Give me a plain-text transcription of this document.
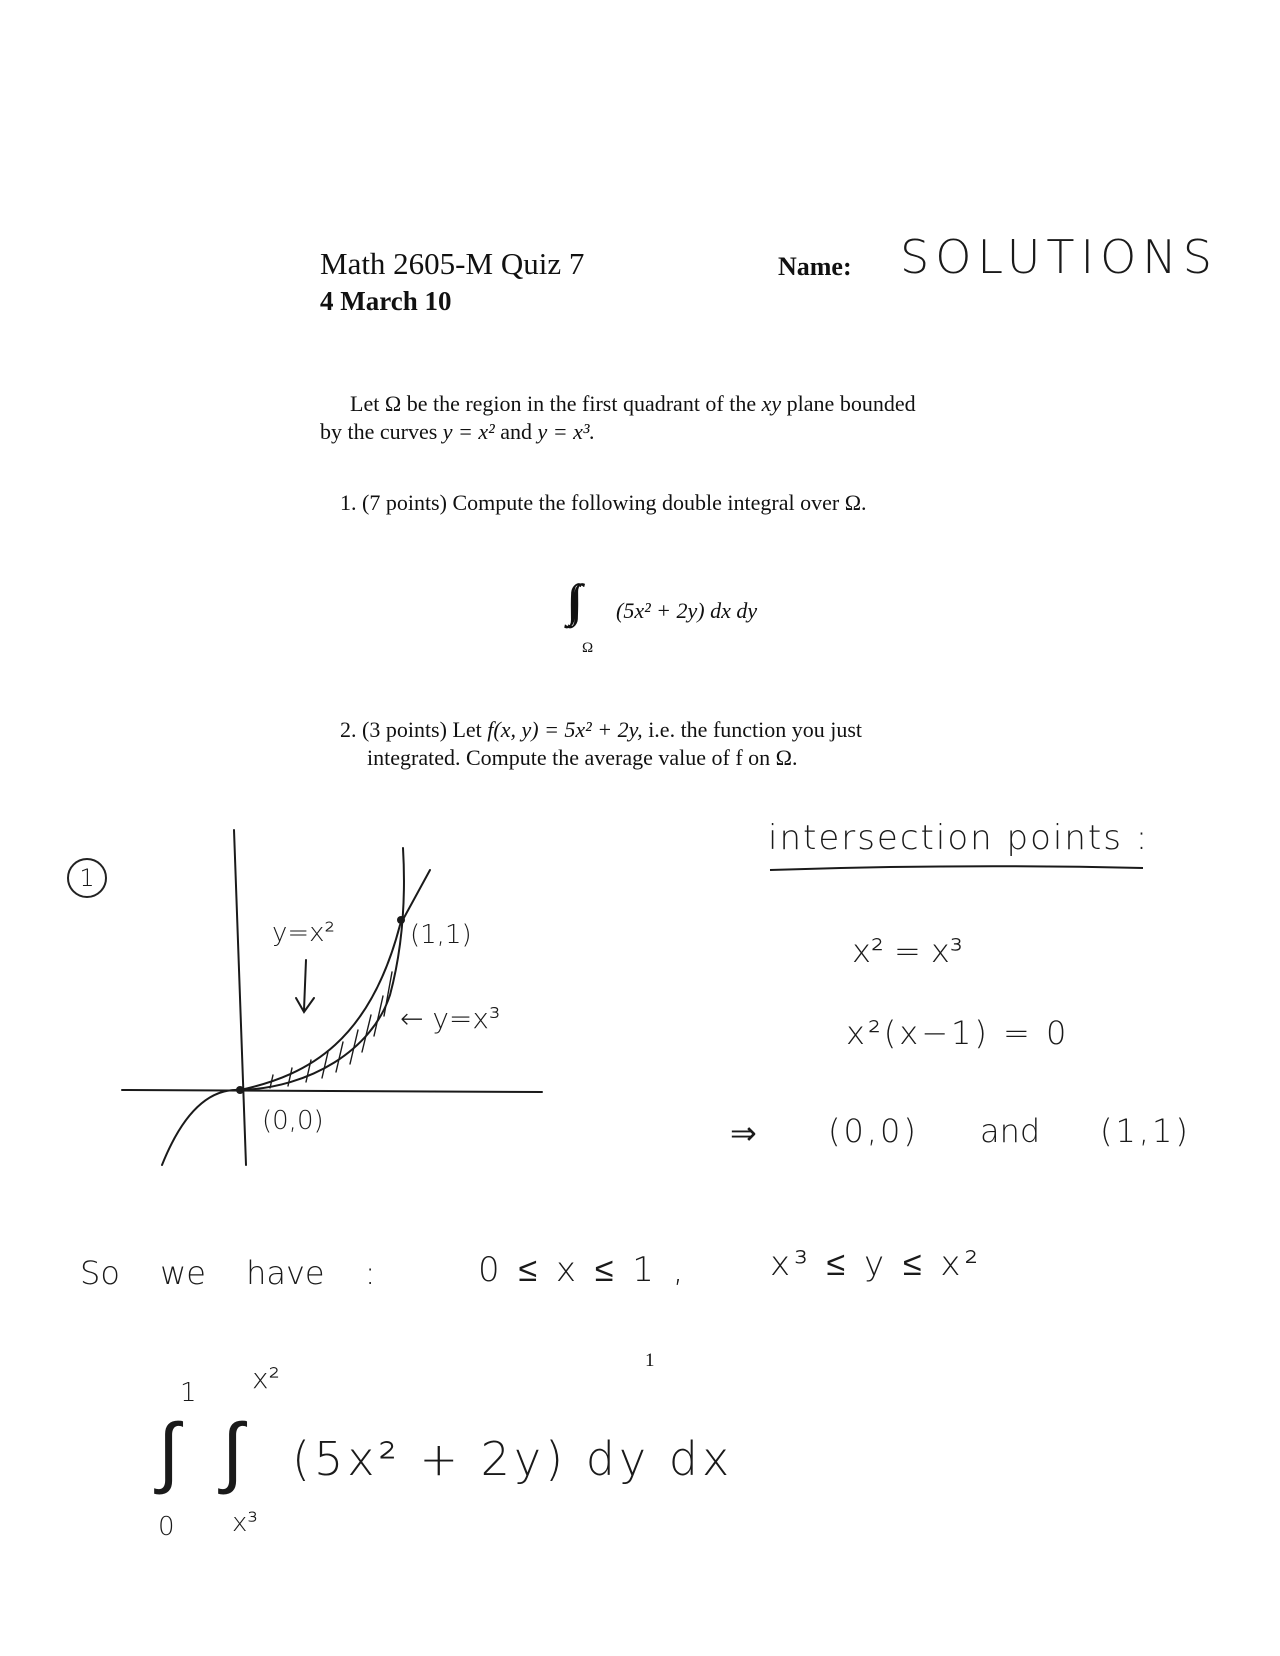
Math 2605-M Quiz 7
4 March 10
Name: SOLUTIONS
Let Ω be the region in the first quadrant of the xy plane bounded
by the curves y = x² and y = x³.
1. (7 points) Compute the following double integral over Ω.
(5x² + 2y) dx dy
Ω
2. (3 points) Let f(x, y) = 5x² + 2y, i.e. the function you just
integrated. Compute the average value of f on Ω.
1
y=x²	(1,1)
← y=x³
(0,0)
intersection points :
x² = x³
x²(x−1) = 0
⇒ (0,0) and (1,1)
So we have :	0 ≤ x ≤ 1 , x³ ≤ y ≤ x²
1
1
∫
0
x²
∫
x³
(5x² + 2y) dy dx
